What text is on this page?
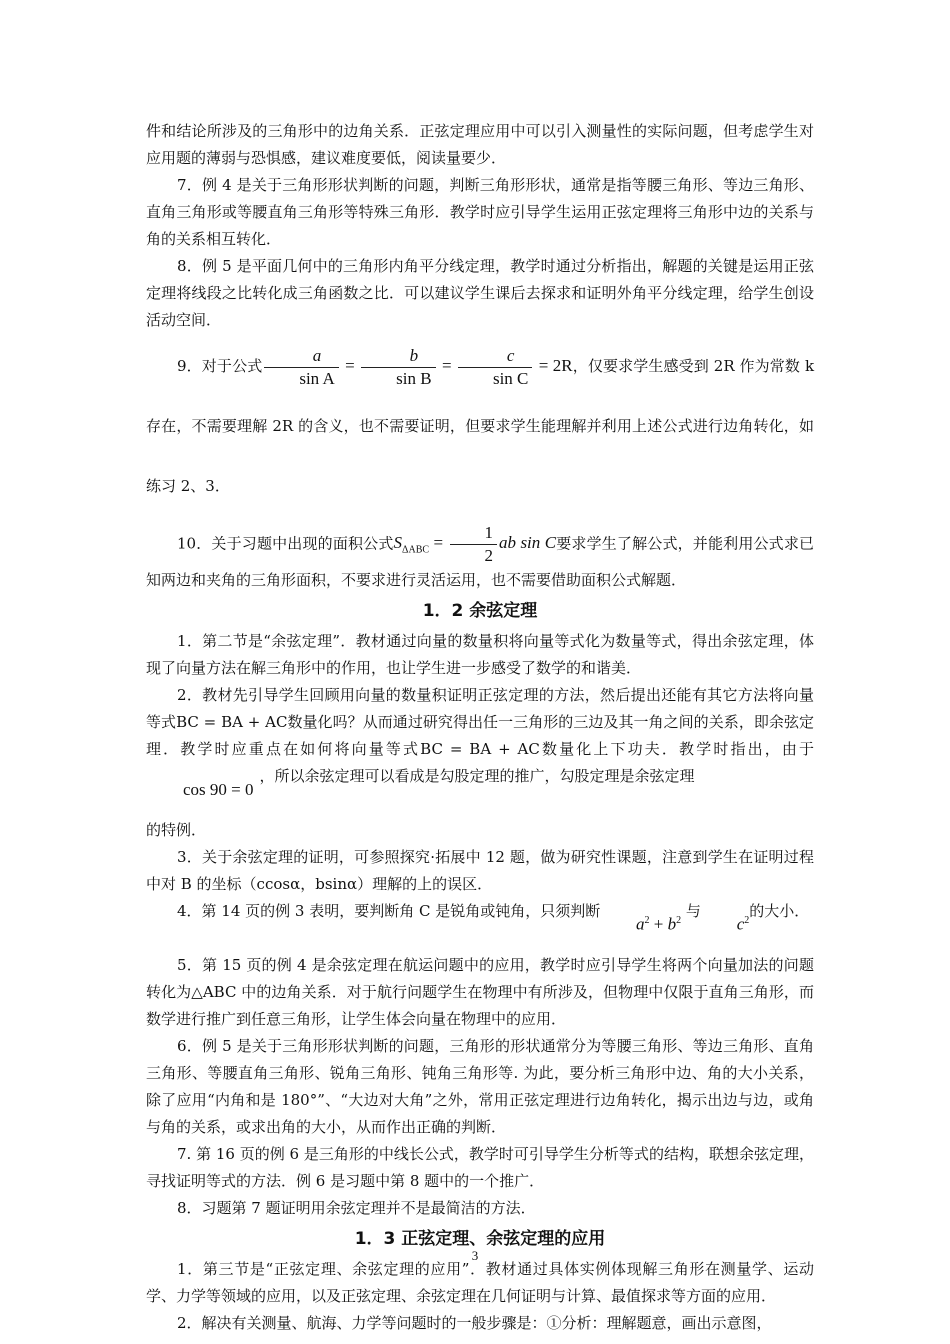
件和结论所涉及的三角形中的边角关系．正弦定理应用中可以引入测量性的实际问题，但考虑学生对应用题的薄弱与恐惧感，建议难度要低，阅读量要少．

7．例 4 是关于三角形形状判断的问题，判断三角形形状，通常是指等腰三角形、等边三角形、直角三角形或等腰直角三角形等特殊三角形．教学时应引导学生运用正弦定理将三角形中边的关系与角的关系相互转化．

8．例 5 是平面几何中的三角形内角平分线定理，教学时通过分析指出，解题的关键是运用正弦定理将线段之比转化成三角函数之比．可以建议学生课后去探求和证明外角平分线定理，给学生创设活动空间．

9．对于公式 $\frac{a}{\text{sin A}} = \frac{b}{\text{sin B}} = \frac{c}{\text{sin C}} = 2R$，仅要求学生感受到 2R 作为常数 k 存在，不需要理解 2R 的含义，也不需要证明，但要求学生能理解并利用上述公式进行边角转化，如练习 2、3．

10．关于习题中出现的面积公式$S_{\Delta ABC} = \frac{1}{2}$ ab sin C要求学生了解公式，并能利用公式求已知两边和夹角的三角形面积，不要求进行灵活运用，也不需要借助面积公式解题．

1．2 余弦定理

1．第二节是“余弦定理”．教材通过向量的数量积将向量等式化为数量等式，得出余弦定理，体现了向量方法在解三角形中的作用，也让学生进一步感受了数学的和谐美．

2．教材先引导学生回顾用向量的数量积证明正弦定理的方法，然后提出还能有其它方法将向量等式BC = BA + AC数量化吗？从而通过研究得出任一三角形的三边及其一角之间的关系，即余弦定理．教学时应重点在如何将向量等式BC = BA + AC数量化上下功夫．教学时指出，由于cos 90 = 0，所以余弦定理可以看成是勾股定理的推广，勾股定理是余弦定理

的特例．

3．关于余弦定理的证明，可参照探究·拓展中 12 题，做为研究性课题，注意到学生在证明过程中对 B 的坐标（ccosα，bsinα）理解的上的误区．

4．第 14 页的例 3 表明，要判断角 C 是锐角或钝角，只须判断 $a^2 + b^2$ 与 $c^2$的大小．

5．第 15 页的例 4 是余弦定理在航运问题中的应用，教学时应引导学生将两个向量加法的问题转化为△ABC 中的边角关系．对于航行问题学生在物理中有所涉及，但物理中仅限于直角三角形，而数学进行推广到任意三角形，让学生体会向量在物理中的应用．

6．例 5 是关于三角形形状判断的问题，三角形的形状通常分为等腰三角形、等边三角形、直角三角形、等腰直角三角形、锐角三角形、钝角三角形等. 为此，要分析三角形中边、角的大小关系，除了应用“内角和是 180°”、“大边对大角”之外，常用正弦定理进行边角转化，揭示出边与边，或角与角的关系，或求出角的大小，从而作出正确的判断．

7. 第 16 页的例 6 是三角形的中线长公式，教学时可引导学生分析等式的结构，联想余弦定理，寻找证明等式的方法．例 6 是习题中第 8 题中的一个推广．

8．习题第 7 题证明用余弦定理并不是最简洁的方法．

1．3 正弦定理、余弦定理的应用

1．第三节是“正弦定理、余弦定理的应用”．教材通过具体实例体现解三角形在测量学、运动学、力学等领域的应用，以及正弦定理、余弦定理在几何证明与计算、最值探求等方面的应用．

2．解决有关测量、航海、力学等问题时的一般步骤是：①分析：理解题意，画出示意图，

3
